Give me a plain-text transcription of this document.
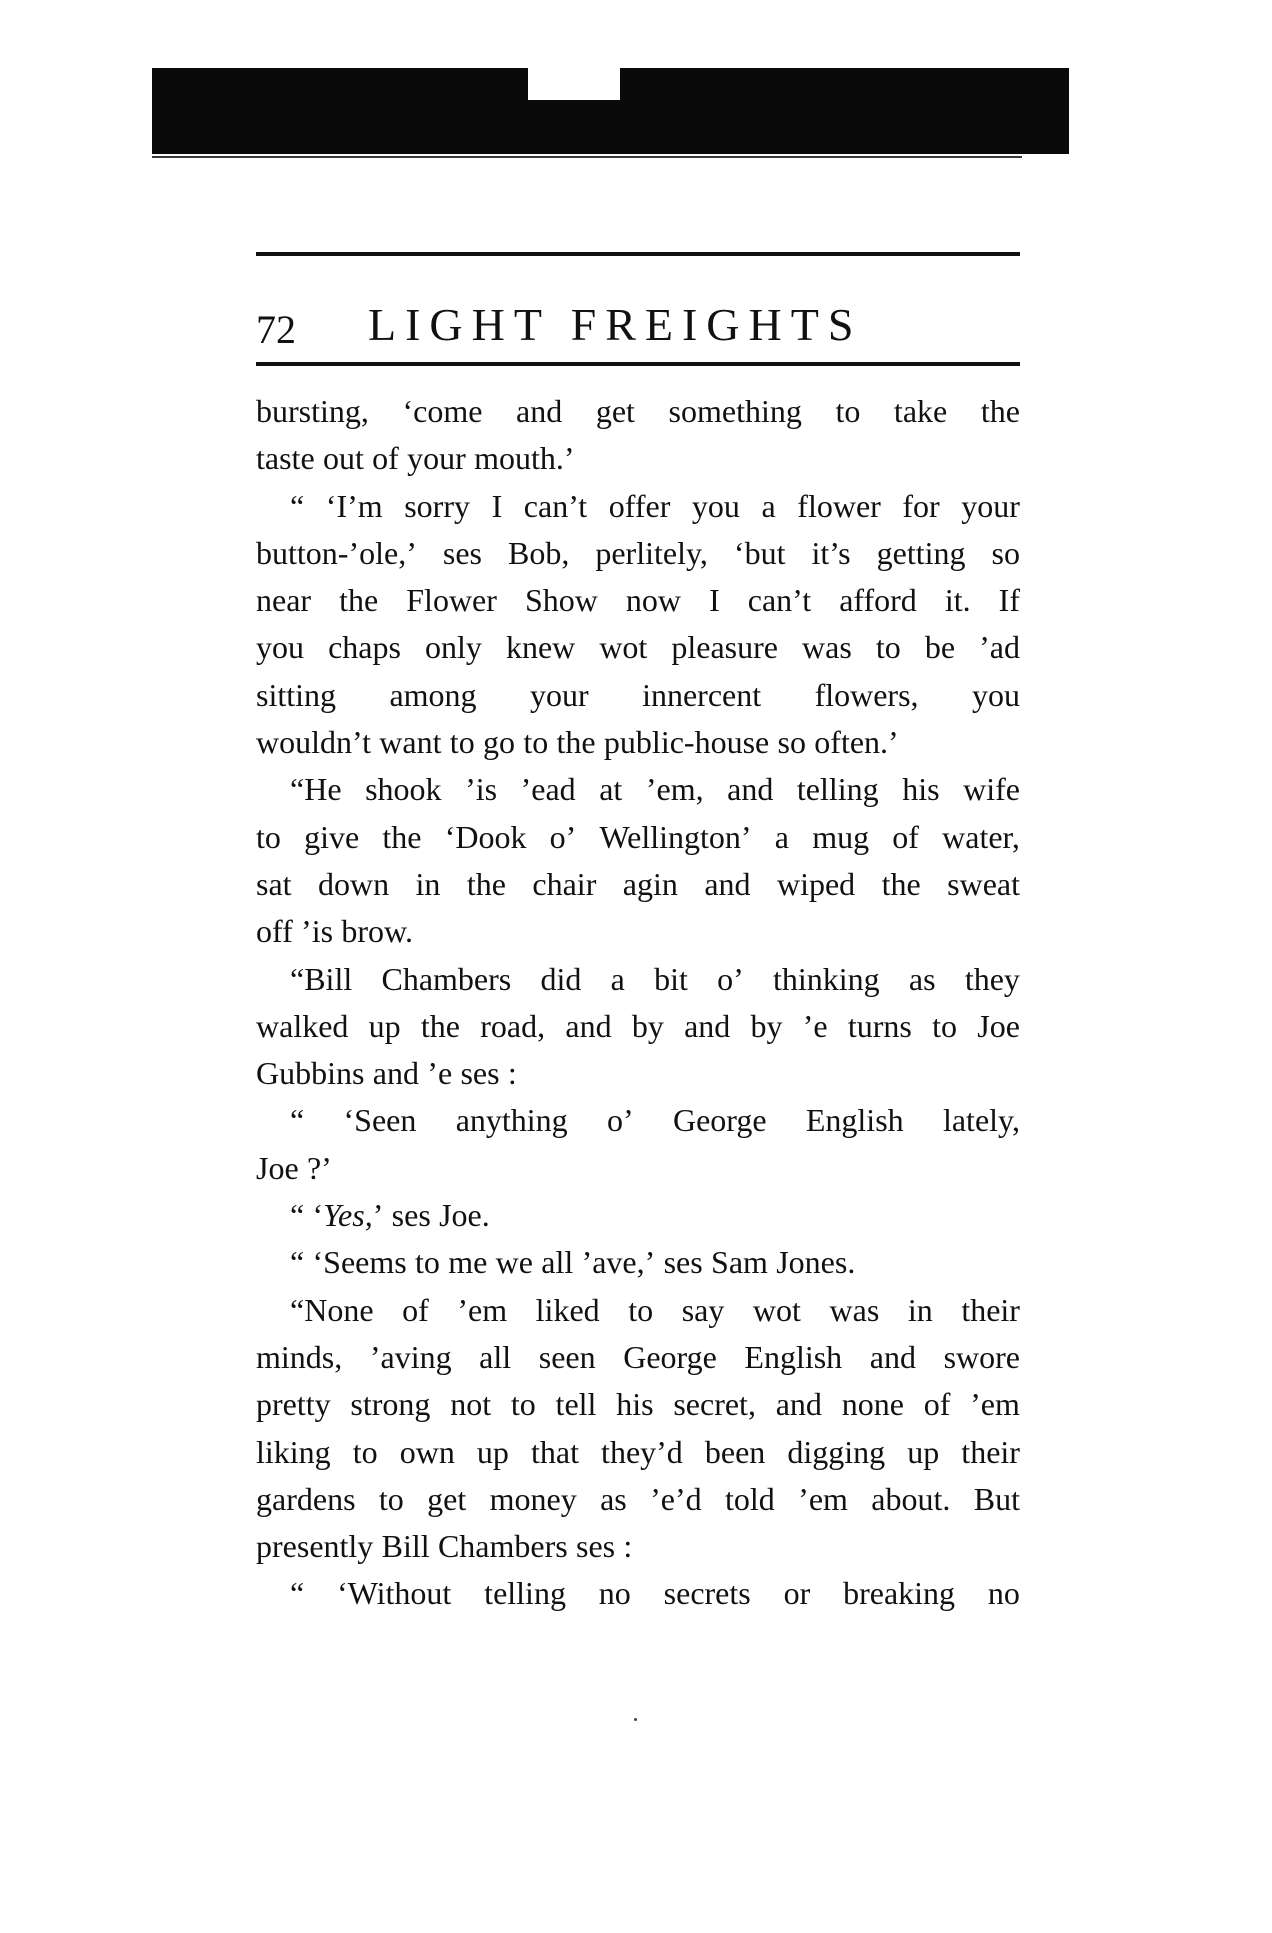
72 LIGHT FREIGHTS
bursting, ‘come and get something to take the
taste out of your mouth.’
“ ‘I’m sorry I can’t offer you a flower for your
button-’ole,’ ses Bob, perlitely, ‘but it’s getting so
near the Flower Show now I can’t afford it. If
you chaps only knew wot pleasure was to be ’ad
sitting among your innercent flowers, you
wouldn’t want to go to the public-house so often.’
“He shook ’is ’ead at ’em, and telling his wife
to give the ‘Dook o’ Wellington’ a mug of water,
sat down in the chair agin and wiped the sweat
off ’is brow.
“Bill Chambers did a bit o’ thinking as they
walked up the road, and by and by ’e turns to Joe
Gubbins and ’e ses :
“ ‘Seen anything o’ George English lately,
Joe ?’
“ ‘Yes,’ ses Joe.
“ ‘Seems to me we all ’ave,’ ses Sam Jones.
“None of ’em liked to say wot was in their
minds, ’aving all seen George English and swore
pretty strong not to tell his secret, and none of ’em
liking to own up that they’d been digging up their
gardens to get money as ’e’d told ’em about. But
presently Bill Chambers ses :
“ ‘Without telling no secrets or breaking no
